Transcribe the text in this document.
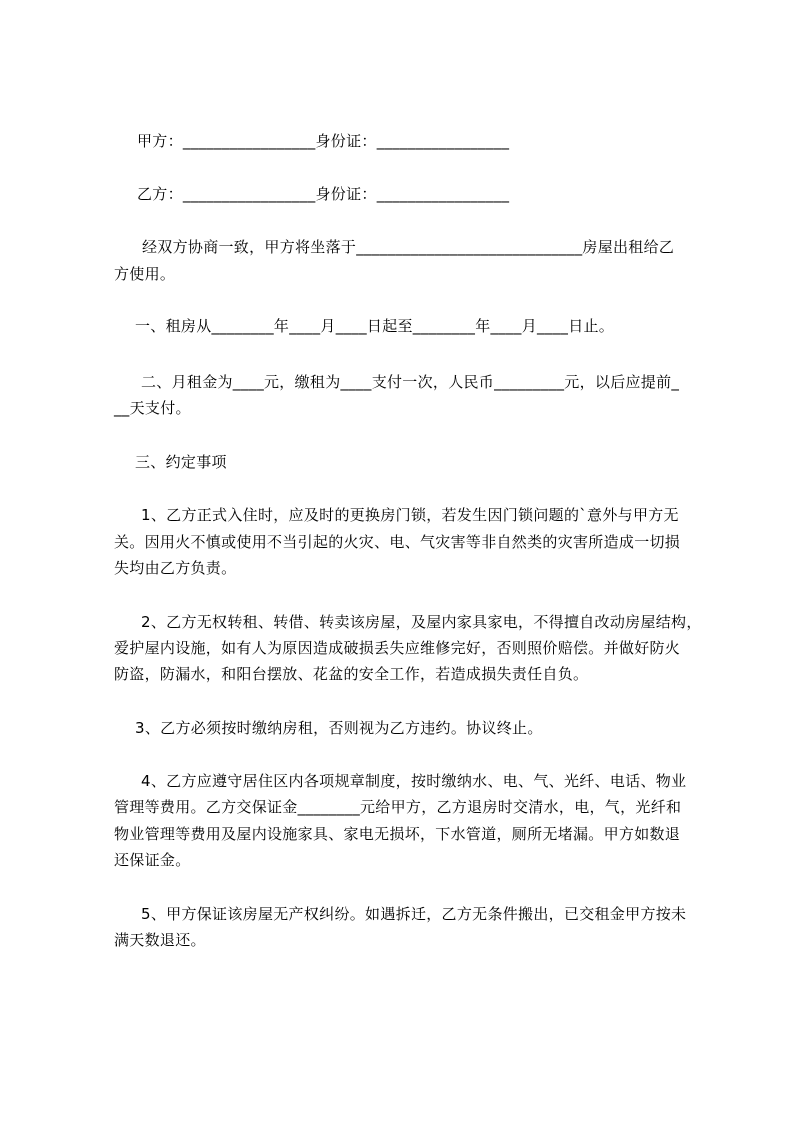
甲方：_________________身份证：_________________
乙方：_________________身份证：_________________
经双方协商一致，甲方将坐落于_____________________________房屋出租给乙
方使用。
一、租房从________年____月____日起至________年____月____日止。
二、月租金为____元，缴租为____支付一次，人民币_________元，以后应提前_
__天支付。
三、约定事项
1、乙方正式入住时，应及时的更换房门锁，若发生因门锁问题的`意外与甲方无
关。因用火不慎或使用不当引起的火灾、电、气灾害等非自然类的灾害所造成一切损
失均由乙方负责。
2、乙方无权转租、转借、转卖该房屋，及屋内家具家电，不得擅自改动房屋结构，
爱护屋内设施，如有人为原因造成破损丢失应维修完好，否则照价赔偿。并做好防火
防盗，防漏水，和阳台摆放、花盆的安全工作，若造成损失责任自负。
3、乙方必须按时缴纳房租，否则视为乙方违约。协议终止。
4、乙方应遵守居住区内各项规章制度，按时缴纳水、电、气、光纤、电话、物业
管理等费用。乙方交保证金________元给甲方，乙方退房时交清水，电，气，光纤和
物业管理等费用及屋内设施家具、家电无损坏，下水管道，厕所无堵漏。甲方如数退
还保证金。
5、甲方保证该房屋无产权纠纷。如遇拆迁，乙方无条件搬出，已交租金甲方按未
满天数退还。
